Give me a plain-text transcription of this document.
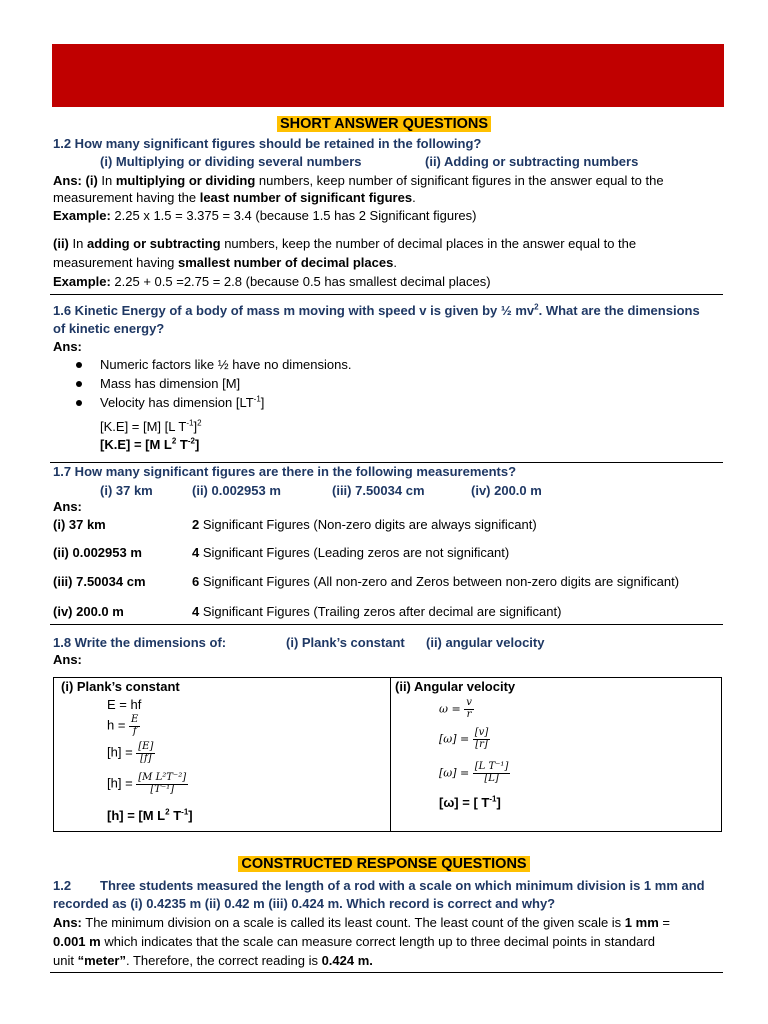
SHORT ANSWER QUESTIONS
1.2 How many significant figures should be retained in the following?
(i) Multiplying or dividing several numbers	(ii) Adding or subtracting numbers
Ans: (i) In multiplying or dividing numbers, keep number of significant figures in the answer equal to the
measurement having the least number of significant figures.
Example: 2.25 x 1.5 = 3.375 = 3.4 (because 1.5 has 2 Significant figures)
(ii) In adding or subtracting numbers, keep the number of decimal places in the answer equal to the
measurement having smallest number of decimal places.
Example: 2.25 + 0.5 =2.75 = 2.8 (because 0.5 has smallest decimal places)
1.6 Kinetic Energy of a body of mass m moving with speed v is given by ½ $mv^2$. What are the dimensions
of kinetic energy?
Ans:
Numeric factors like ½ have no dimensions.
Mass has dimension [M]
Velocity has dimension $[LT^{-1}]$
[K.E] = [M] [L $T^{-1}]^2$
[K.E] = [M $L^2$ $T^{-2}$]
1.7 How many significant figures are there in the following measurements?
(i) 37 km	(ii) 0.002953 m	(iii) 7.50034 cm	(iv) 200.0 m
Ans:
(i) 37 km	2 Significant Figures (Non-zero digits are always significant)
(ii) 0.002953 m	4 Significant Figures (Leading zeros are not significant)
(iii) 7.50034 cm	6 Significant Figures (All non-zero and Zeros between non-zero digits are significant)
(iv) 200.0 m	4 Significant Figures (Trailing zeros after decimal are significant)
1.8 Write the dimensions of:	(i) Plank’s constant (ii) angular velocity
Ans:
(i) Plank’s constant
E = hf
$h = \frac{E}{f}$
$[h] = \frac{[E]}{[f]}$
$[h] = \frac{\text{[M L²T⁻²]}}{\text{[T⁻¹]}}$
[h] = [M $L^2$ $T^{-1}$]

(ii) Angular velocity
$\omega = \frac{v}{r}$
$[\omega] = \frac{[v]}{[r]}$
$[\omega] = \frac{\text{[L T⁻¹]}}{[L]}$
[ω] = [ $T^{-1}$]
CONSTRUCTED RESPONSE QUESTIONS
1.2 Three students measured the length of a rod with a scale on which minimum division is 1 mm and
recorded as (i) 0.4235 m (ii) 0.42 m (iii) 0.424 m. Which record is correct and why?
Ans: The minimum division on a scale is called its least count. The least count of the given scale is 1 mm =
0.001 m which indicates that the scale can measure correct length up to three decimal points in standard
unit “meter”. Therefore, the correct reading is 0.424 m.
